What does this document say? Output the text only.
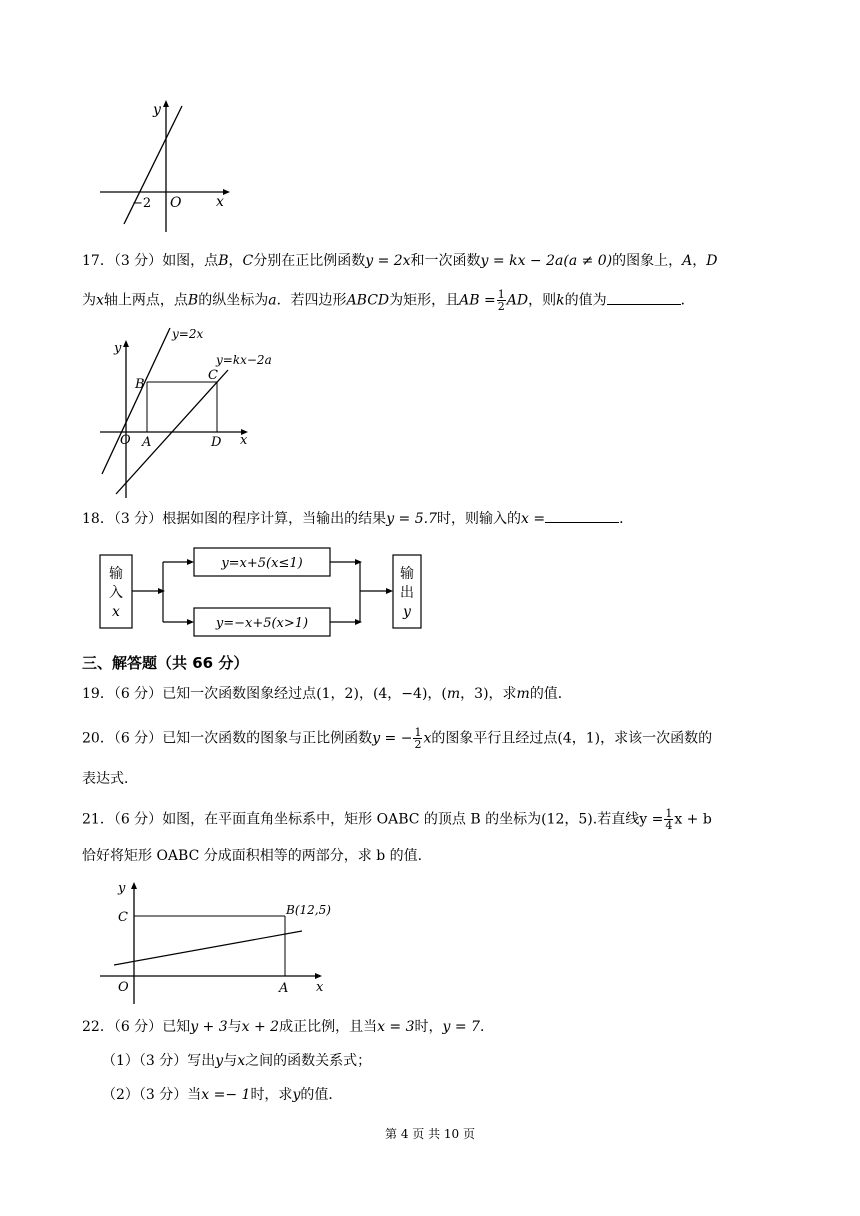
y
x
O
−2
17．（3 分）如图，点B，C分别在正比例函数y = 2x和一次函数y = kx − 2a(a ≠ 0)的图象上，A，D
为x轴上两点，点B的纵坐标为a．若四边形ABCD为矩形，且AB = $\frac{1}{2}$ AD，则k的值为	．
y=2x
y=kx−2a
y
x
O A
B
C
D
18．（3 分）根据如图的程序计算，当输出的结果y = 5.7时，则输入的x =	．
输
入
x
y=x+5(x≤1)
y=−x+5(x>1)
输
出
y
三、解答题（共 66 分）
19．（6 分）已知一次函数图象经过点(1，2)，(4，−4)，(m，3)，求m的值．
20．（6 分）已知一次函数的图象与正比例函数y = − $\frac{1}{2}$ x的图象平行且经过点(4，1)，求该一次函数的
表达式．
21．（6 分）如图，在平面直角坐标系中，矩形 OABC 的顶点 B 的坐标为(12，5).若直线$y = \frac{1}{4}$ x + b
恰好将矩形 OABC 分成面积相等的两部分，求 b 的值.
y
x
O	A
C	B(12,5)
22．（6 分）已知y + 3与x + 2成正比例，且当x = 3时，y = 7．
（1）（3 分）写出y与x之间的函数关系式；
（2）（3 分）当x =− 1时，求y的值．
第 4 页 共 10 页
